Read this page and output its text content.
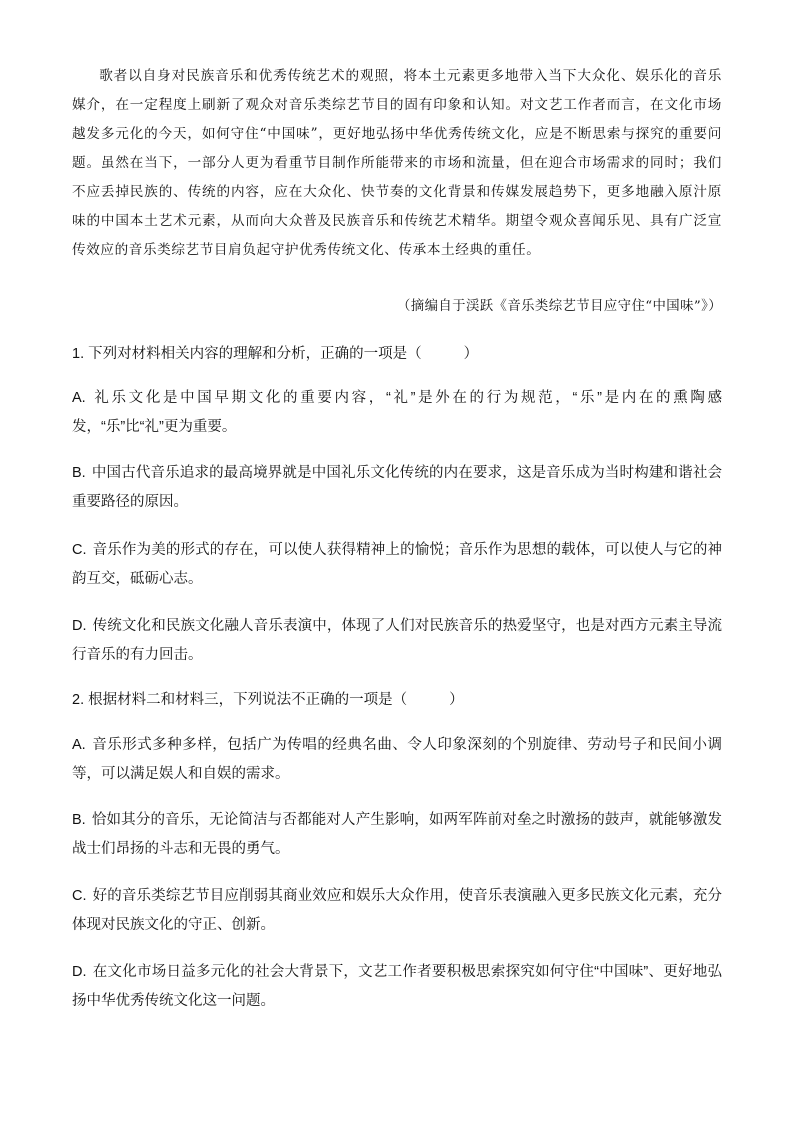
歌者以自身对民族音乐和优秀传统艺术的观照，将本土元素更多地带入当下大众化、娱乐化的音乐媒介，在一定程度上刷新了观众对音乐类综艺节目的固有印象和认知。对文艺工作者而言，在文化市场越发多元化的今天，如何守住“中国味”，更好地弘扬中华优秀传统文化，应是不断思索与探究的重要问题。虽然在当下，一部分人更为看重节目制作所能带来的市场和流量，但在迎合市场需求的同时；我们不应丢掉民族的、传统的内容，应在大众化、快节奏的文化背景和传媒发展趋势下，更多地融入原汁原味的中国本土艺术元素，从而向大众普及民族音乐和传统艺术精华。期望令观众喜闻乐见、具有广泛宣传效应的音乐类综艺节目肩负起守护优秀传统文化、传承本土经典的重任。

（摘编自于渓跃《音乐类综艺节目应守住“中国味”》）

1. 下列对材料相关内容的理解和分析，正确的一项是（	）

A. 礼乐文化是中国早期文化的重要内容，“礼”是外在的行为规范，“乐”是内在的熏陶感发，“乐”比“礼”更为重要。

B. 中国古代音乐追求的最高境界就是中国礼乐文化传统的内在要求，这是音乐成为当时构建和谐社会重要路径的原因。

C. 音乐作为美的形式的存在，可以使人获得精神上的愉悦；音乐作为思想的载体，可以使人与它的神韵互交，砥砺心志。

D. 传统文化和民族文化融人音乐表演中，体现了人们对民族音乐的热爱坚守，也是对西方元素主导流行音乐的有力回击。

2. 根据材料二和材料三，下列说法不正确的一项是（	）

A. 音乐形式多种多样，包括广为传唱的经典名曲、令人印象深刻的个别旋律、劳动号子和民间小调等，可以满足娱人和自娱的需求。

B. 恰如其分的音乐，无论简洁与否都能对人产生影响，如两军阵前对垒之时激扬的鼓声，就能够激发战士们昂扬的斗志和无畏的勇气。

C. 好的音乐类综艺节目应削弱其商业效应和娱乐大众作用，使音乐表演融入更多民族文化元素，充分体现对民族文化的守正、创新。

D. 在文化市场日益多元化的社会大背景下，文艺工作者要积极思索探究如何守住“中国味”、更好地弘扬中华优秀传统文化这一问题。
